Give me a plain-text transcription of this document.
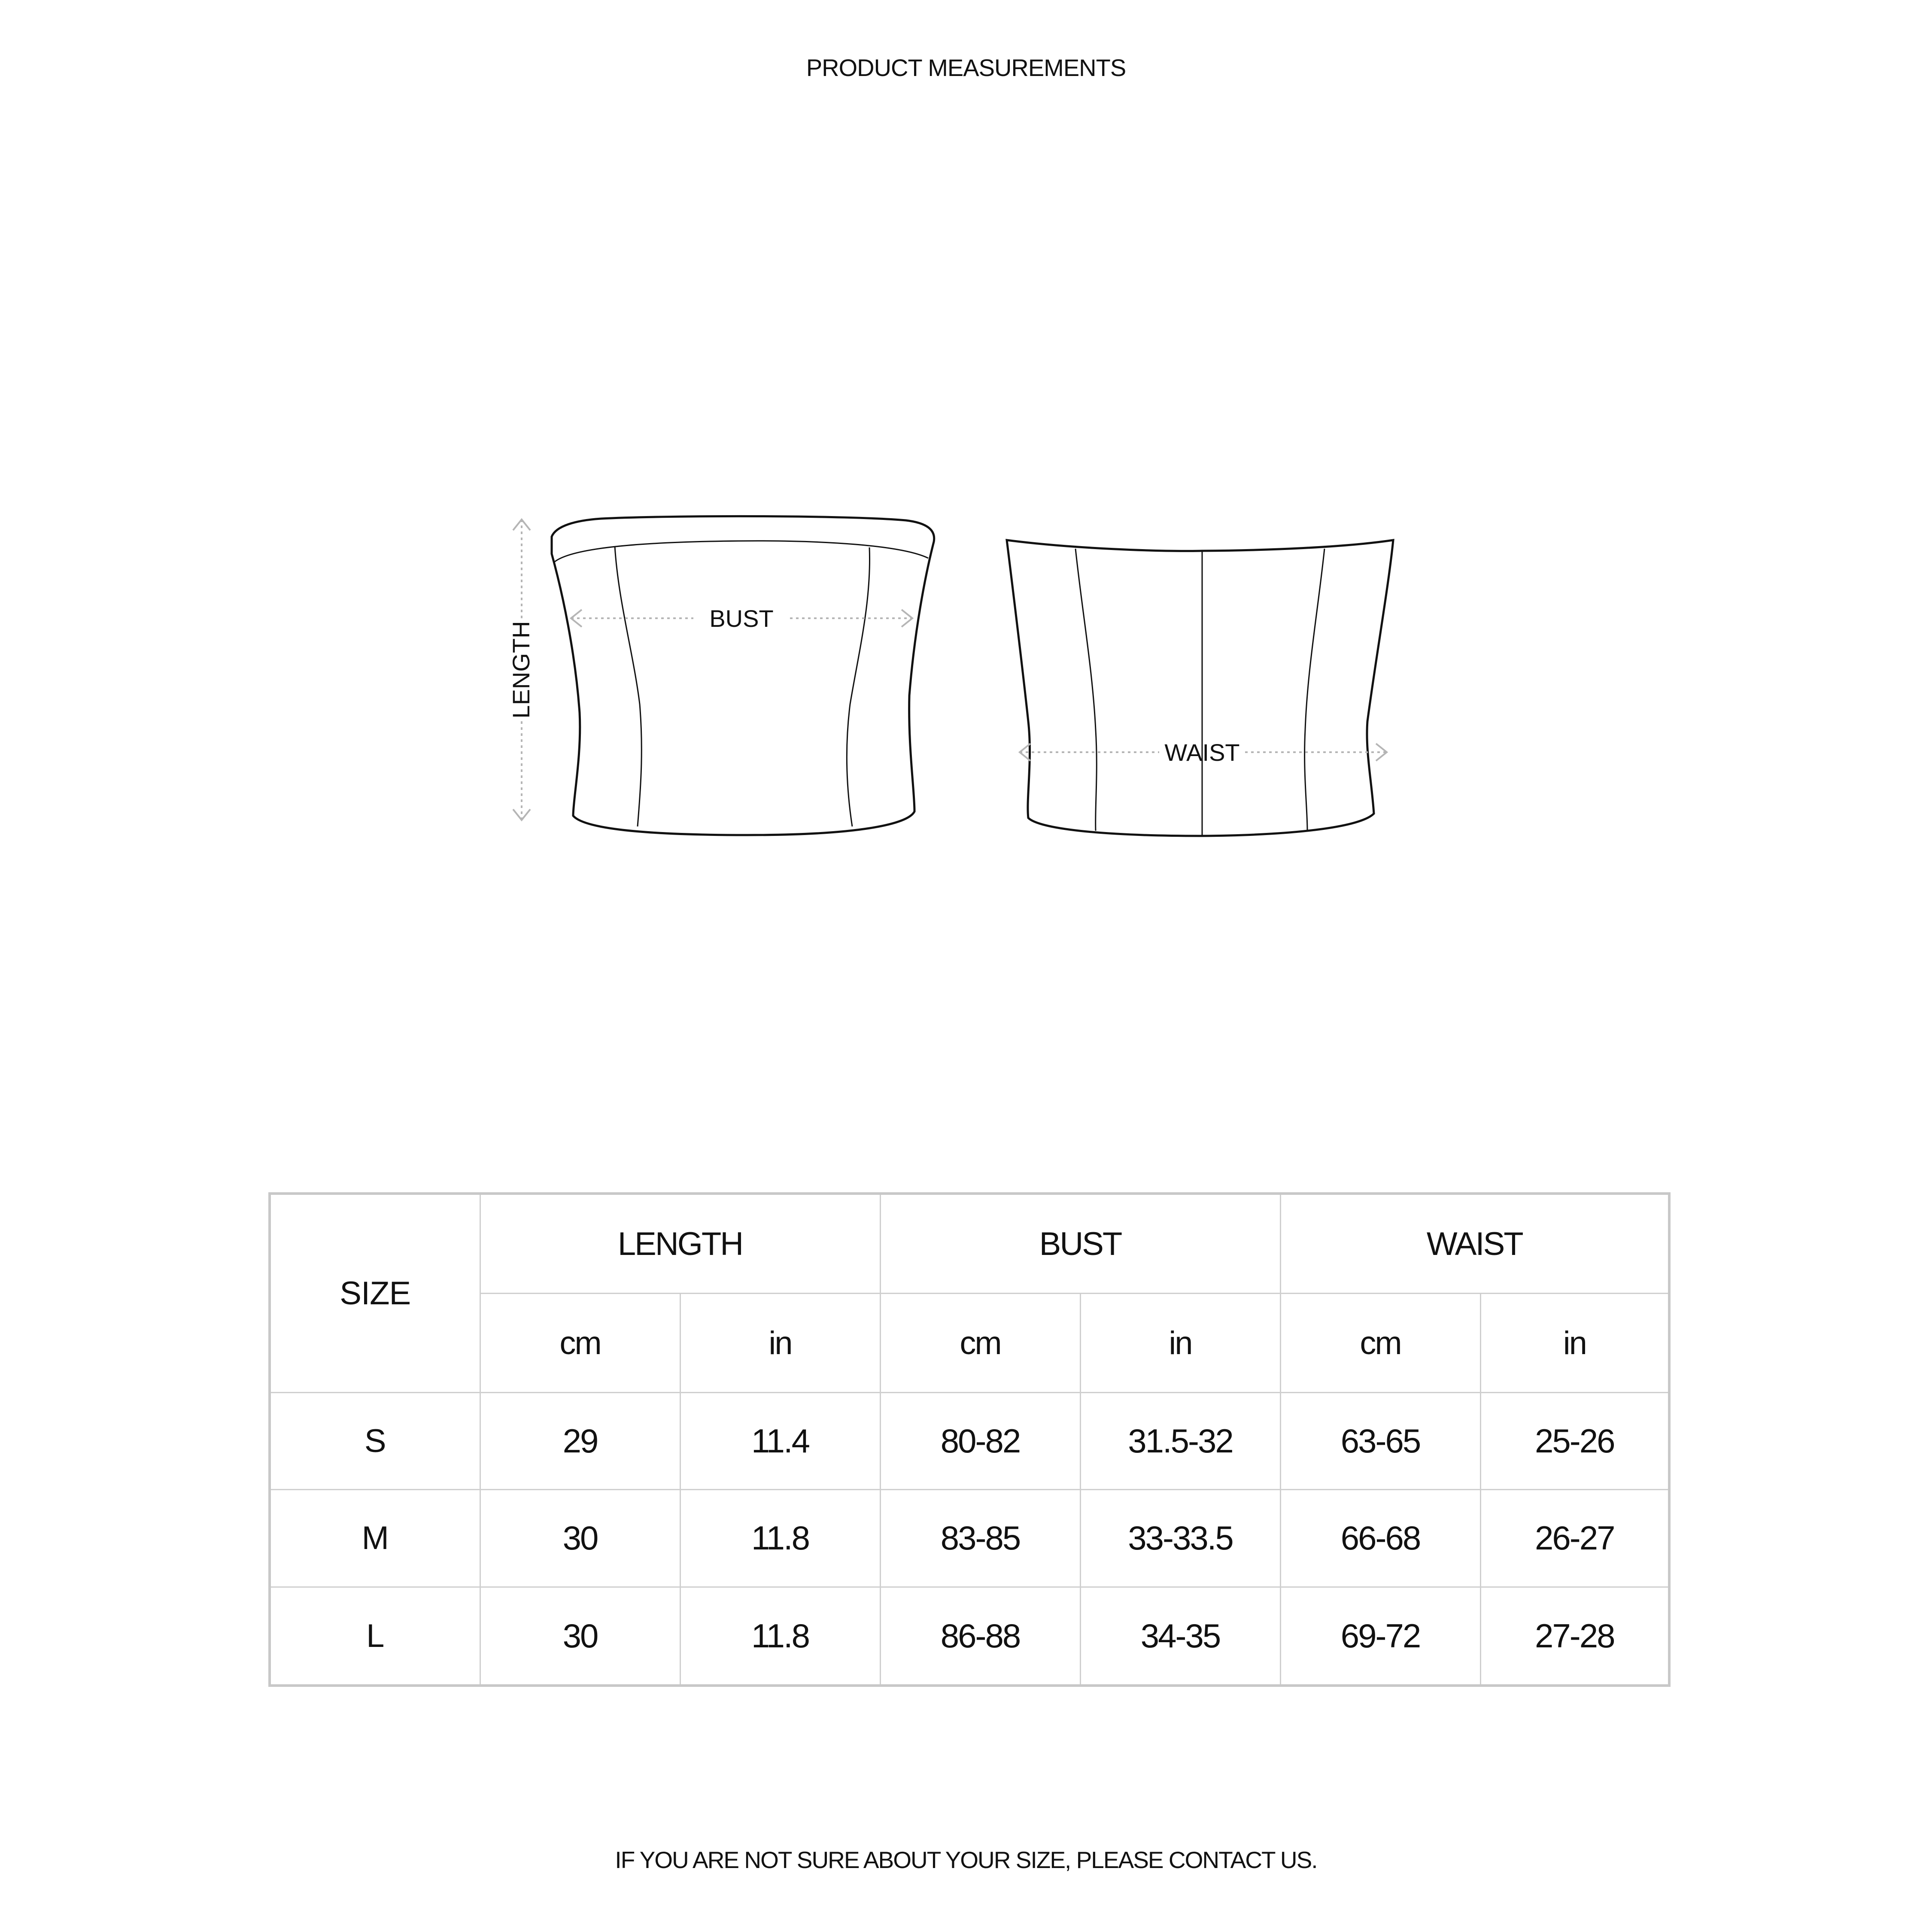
PRODUCT MEASUREMENTS
BUST
LENGTH
WAIST
SIZE	LENGTH		BUST		WAIST	
	cm	in	cm	in	cm	in
S	29	11.4	80-82	31.5-32	63-65	25-26
M	30	11.8	83-85	33-33.5	66-68	26-27
L	30	11.8	86-88	34-35	69-72	27-28
IF YOU ARE NOT SURE ABOUT YOUR SIZE, PLEASE CONTACT US.
